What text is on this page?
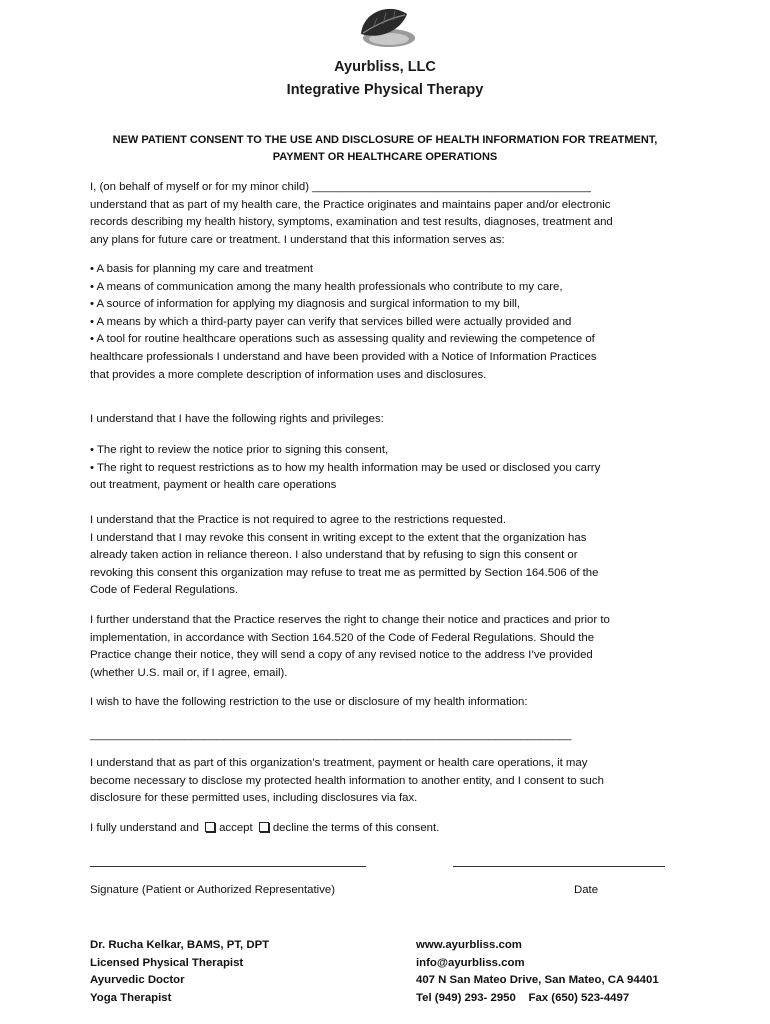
Ayurbliss, LLC
Integrative Physical Therapy
NEW PATIENT CONSENT TO THE USE AND DISCLOSURE OF HEALTH INFORMATION FOR TREATMENT,
PAYMENT OR HEALTHCARE OPERATIONS
I, (on behalf of myself or for my minor child) ____________________________________________
understand that as part of my health care, the Practice originates and maintains paper and/or electronic
records describing my health history, symptoms, examination and test results, diagnoses, treatment and
any plans for future care or treatment. I understand that this information serves as:
• A basis for planning my care and treatment
• A means of communication among the many health professionals who contribute to my care,
• A source of information for applying my diagnosis and surgical information to my bill,
• A means by which a third-party payer can verify that services billed were actually provided and
• A tool for routine healthcare operations such as assessing quality and reviewing the competence of
healthcare professionals I understand and have been provided with a Notice of Information Practices
that provides a more complete description of information uses and disclosures.
I understand that I have the following rights and privileges:
• The right to review the notice prior to signing this consent,
• The right to request restrictions as to how my health information may be used or disclosed you carry
out treatment, payment or health care operations
I understand that the Practice is not required to agree to the restrictions requested.
I understand that I may revoke this consent in writing except to the extent that the organization has
already taken action in reliance thereon. I also understand that by refusing to sign this consent or
revoking this consent this organization may refuse to treat me as permitted by Section 164.506 of the
Code of Federal Regulations.
I further understand that the Practice reserves the right to change their notice and practices and prior to
implementation, in accordance with Section 164.520 of the Code of Federal Regulations. Should the
Practice change their notice, they will send a copy of any revised notice to the address I’ve provided
(whether U.S. mail or, if I agree, email).
I wish to have the following restriction to the use or disclosure of my health information:
____________________________________________________________________________
I understand that as part of this organization’s treatment, payment or health care operations, it may
become necessary to disclose my protected health information to another entity, and I consent to such
disclosure for these permitted uses, including disclosures via fax.
I fully understand and accept decline the terms of this consent.
Signature (Patient or Authorized Representative)	Date
Dr. Rucha Kelkar, BAMS, PT, DPT
Licensed Physical Therapist
Ayurvedic Doctor
Yoga Therapist
www.ayurbliss.com
info@ayurbliss.com
407 N San Mateo Drive, San Mateo, CA 94401
Tel (949) 293- 2950    Fax (650) 523-4497
